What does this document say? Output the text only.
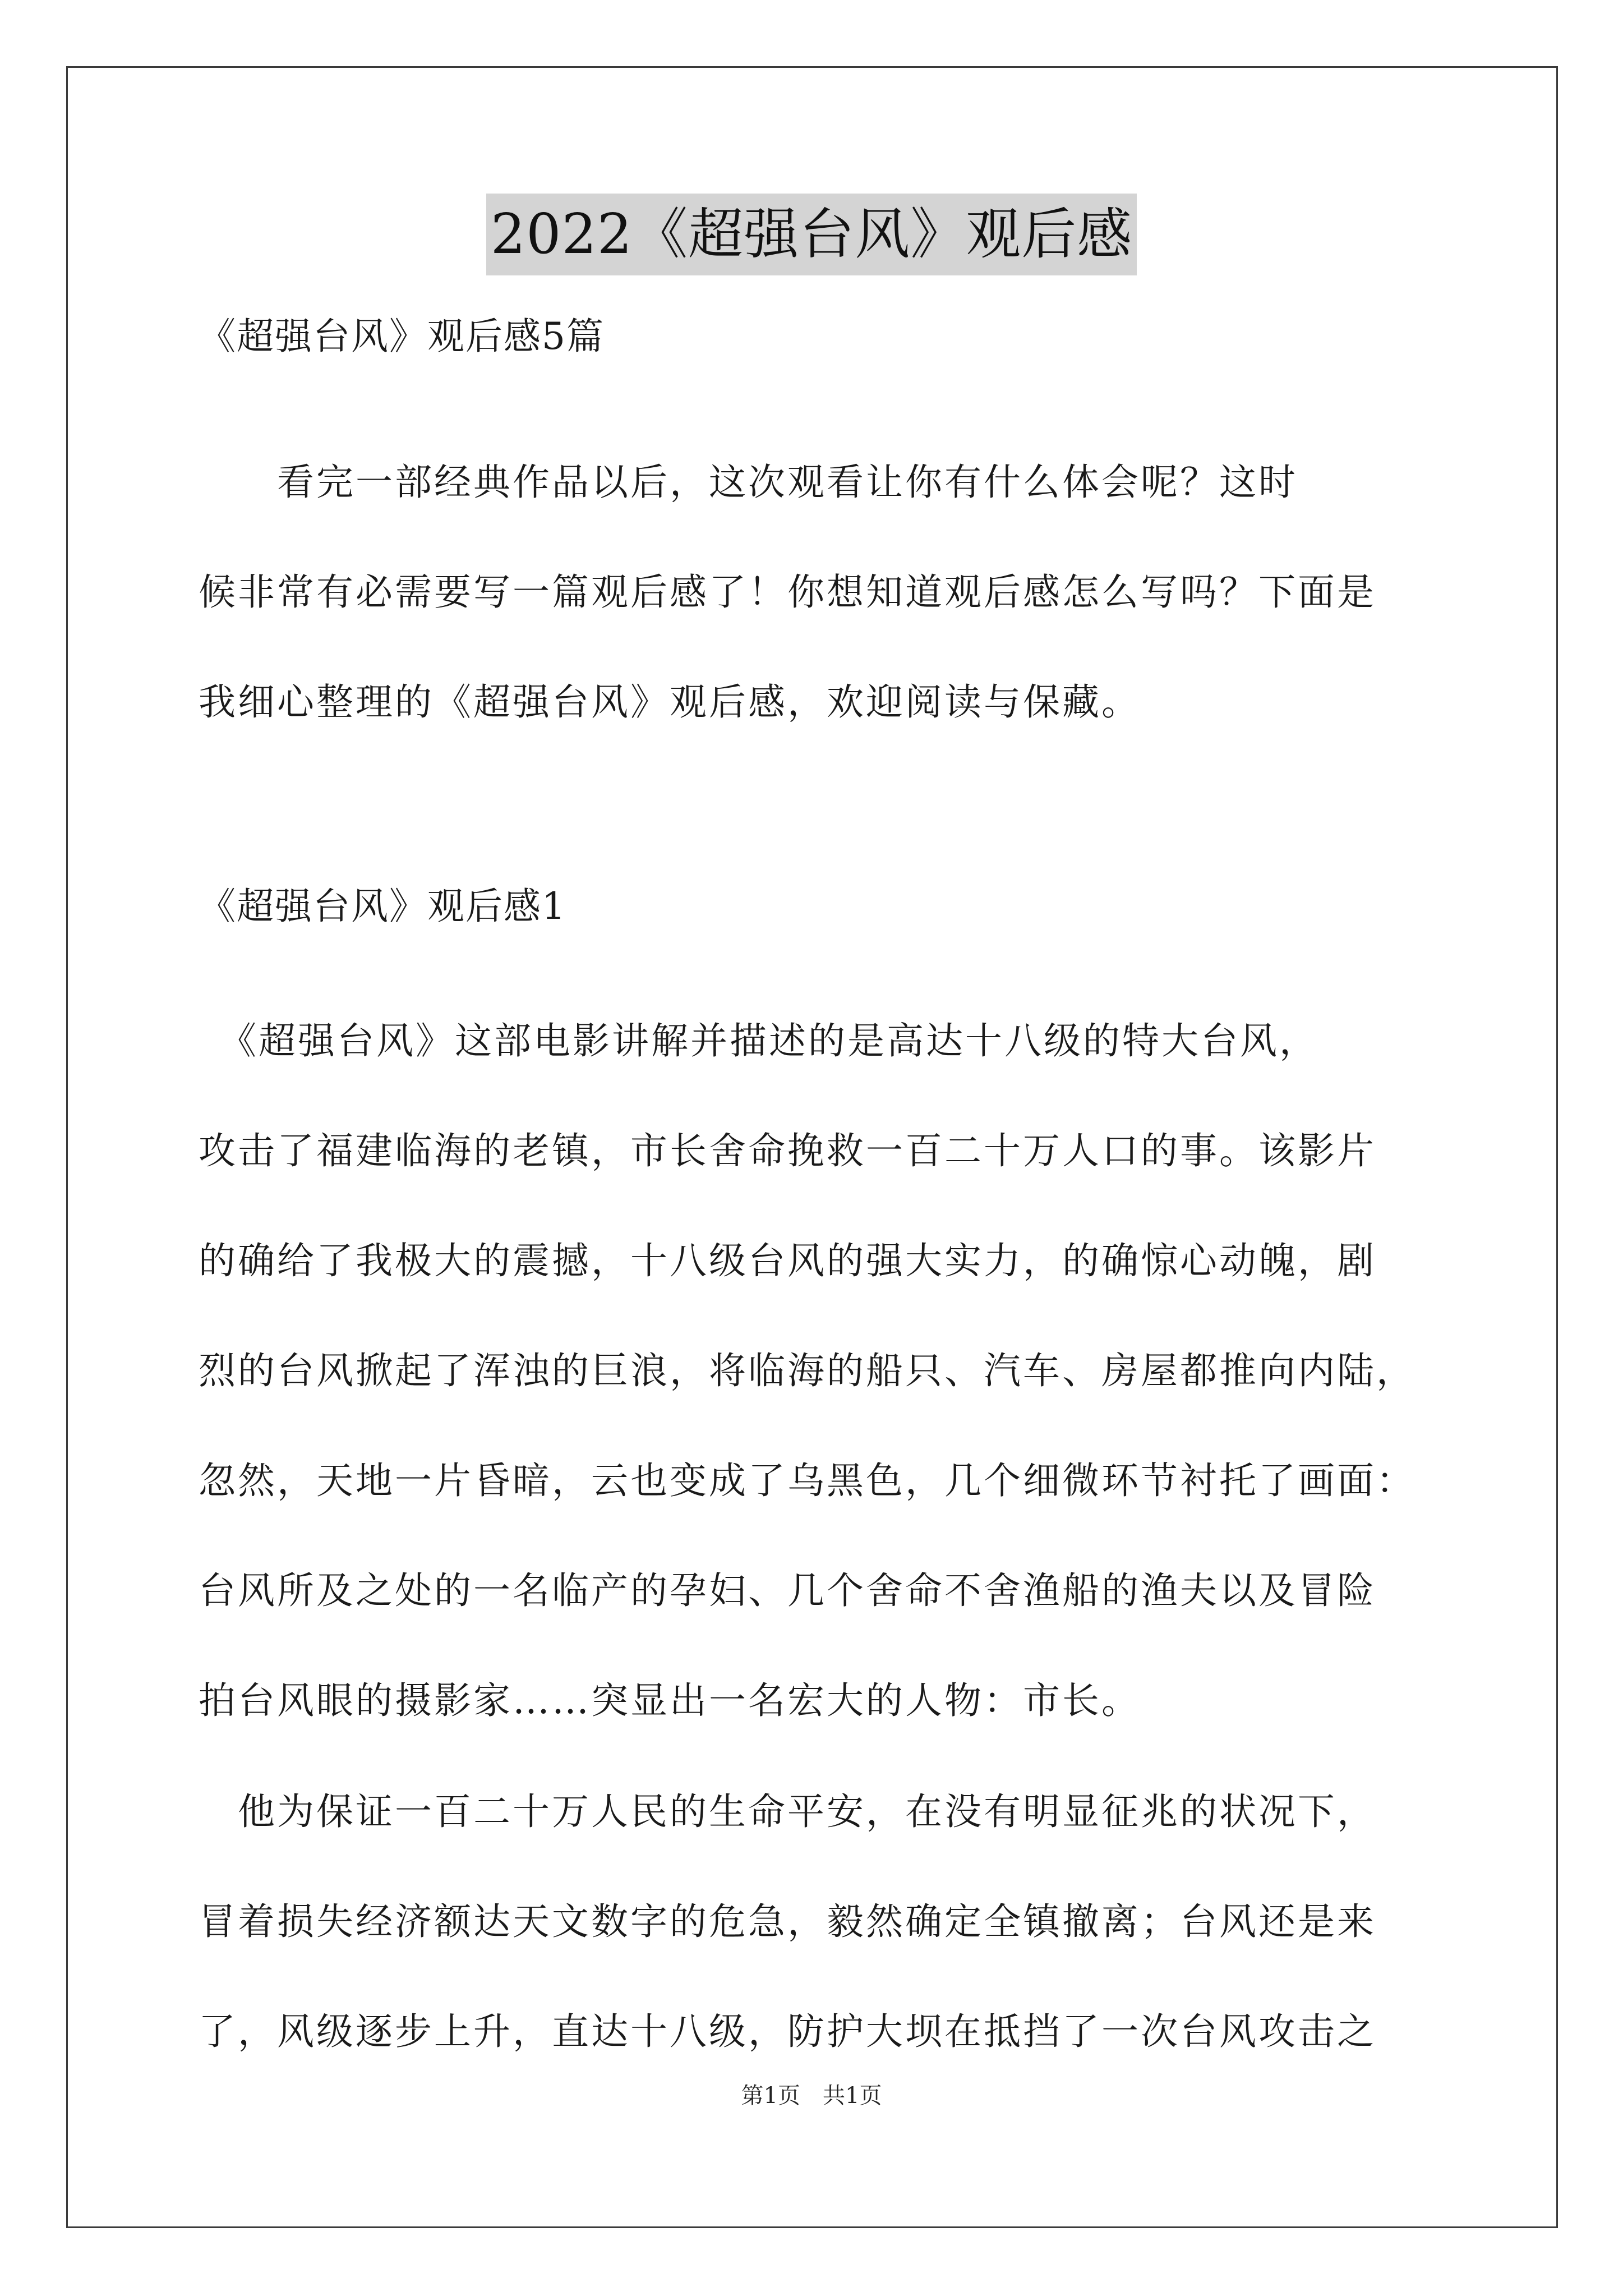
2022《超强台风》观后感
《超强台风》观后感5篇
　　看完一部经典作品以后，这次观看让你有什么体会呢？这时
候非常有必需要写一篇观后感了！你想知道观后感怎么写吗？下面是
我细心整理的《超强台风》观后感，欢迎阅读与保藏。
《超强台风》观后感1
　《超强台风》这部电影讲解并描述的是高达十八级的特大台风，
攻击了福建临海的老镇，市长舍命挽救一百二十万人口的事。该影片
的确给了我极大的震撼，十八级台风的强大实力，的确惊心动魄，剧
烈的台风掀起了浑浊的巨浪，将临海的船只、汽车、房屋都推向内陆，
忽然，天地一片昏暗，云也变成了乌黑色，几个细微环节衬托了画面：
台风所及之处的一名临产的孕妇、几个舍命不舍渔船的渔夫以及冒险
拍台风眼的摄影家……突显出一名宏大的人物：市长。
　他为保证一百二十万人民的生命平安，在没有明显征兆的状况下，
冒着损失经济额达天文数字的危急，毅然确定全镇撤离；台风还是来
了，风级逐步上升，直达十八级，防护大坝在抵挡了一次台风攻击之
第1页 共1页
